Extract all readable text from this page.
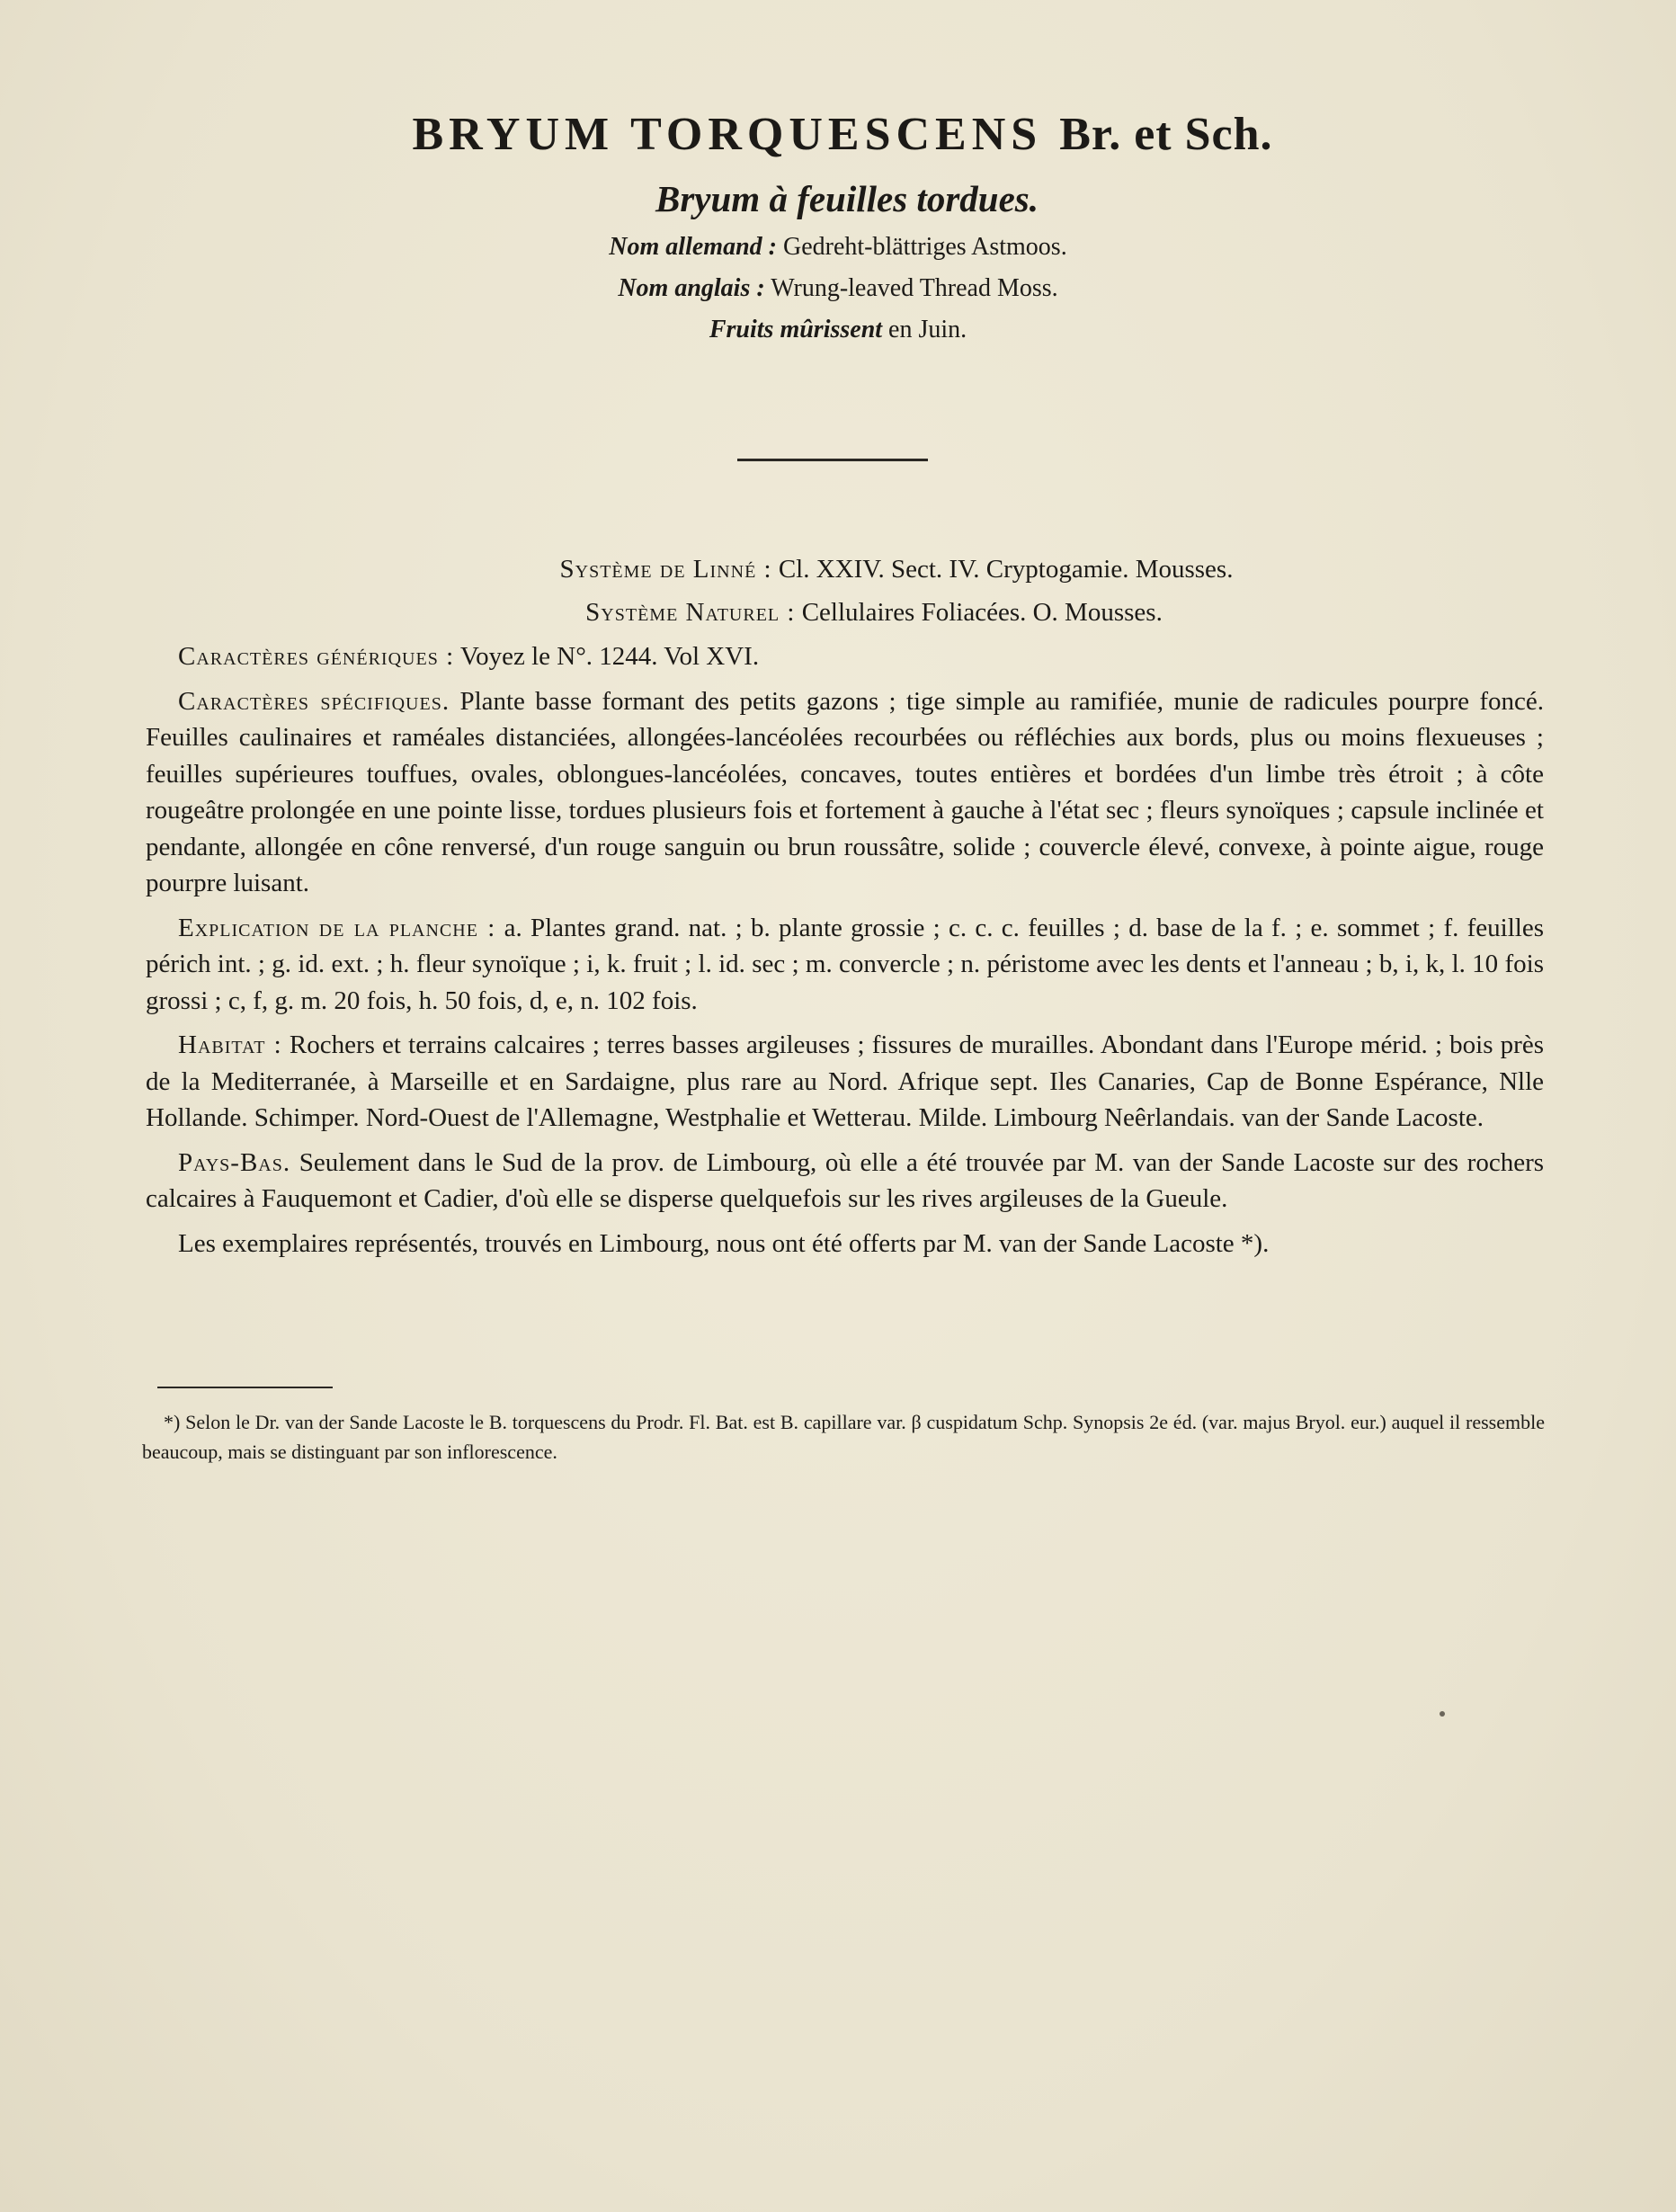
BRYUM TORQUESCENS Br. et Sch.
Bryum à feuilles tordues.
Nom allemand : Gedreht-blättriges Astmoos.
Nom anglais : Wrung-leaved Thread Moss.
Fruits mûrissent en Juin.
Système de Linné : Cl. XXIV. Sect. IV. Cryptogamie. Mousses.
Système Naturel : Cellulaires Foliacées. O. Mousses.

Caractères génériques : Voyez le N°. 1244. Vol XVI.

Caractères spécifiques. Plante basse formant des petits gazons ; tige simple au ramifiée, munie de radicules pourpre foncé. Feuilles caulinaires et raméales distanciées, allongées-lancéolées recourbées ou réfléchies aux bords, plus ou moins flexueuses ; feuilles supérieures touffues, ovales, oblongues-lancéolées, concaves, toutes entières et bordées d'un limbe très étroit ; à côte rougeâtre prolongée en une pointe lisse, tordues plusieurs fois et fortement à gauche à l'état sec ; fleurs synoïques ; capsule inclinée et pendante, allongée en cône renversé, d'un rouge sanguin ou brun roussâtre, solide ; couvercle élevé, convexe, à pointe aigue, rouge pourpre luisant.

Explication de la planche : a. Plantes grand. nat. ; b. plante grossie ; c. c. c. feuilles ; d. base de la f. ; e. sommet ; f. feuilles périch int. ; g. id. ext. ; h. fleur synoïque ; i, k. fruit ; l. id. sec ; m. convercle ; n. péristome avec les dents et l'anneau ; b, i, k, l. 10 fois grossi ; c, f, g. m. 20 fois, h. 50 fois, d, e, n. 102 fois.

Habitat : Rochers et terrains calcaires ; terres basses argileuses ; fissures de murailles. Abondant dans l'Europe mérid. ; bois près de la Mediterranée, à Marseille et en Sardaigne, plus rare au Nord. Afrique sept. Iles Canaries, Cap de Bonne Espérance, Nlle Hollande. Schimper. Nord-Ouest de l'Allemagne, Westphalie et Wetterau. Milde. Limbourg Neêrlandais. van der Sande Lacoste.

Pays-Bas. Seulement dans le Sud de la prov. de Limbourg, où elle a été trouvée par M. van der Sande Lacoste sur des rochers calcaires à Fauquemont et Cadier, d'où elle se disperse quelquefois sur les rives argileuses de la Gueule.

Les exemplaires représentés, trouvés en Limbourg, nous ont été offerts par M. van der Sande Lacoste *).

*) Selon le Dr. van der Sande Lacoste le B. torquescens du Prodr. Fl. Bat. est B. capillare var. β cuspidatum Schp. Synopsis 2e éd. (var. majus Bryol. eur.) auquel il ressemble beaucoup, mais se distinguant par son inflorescence.
